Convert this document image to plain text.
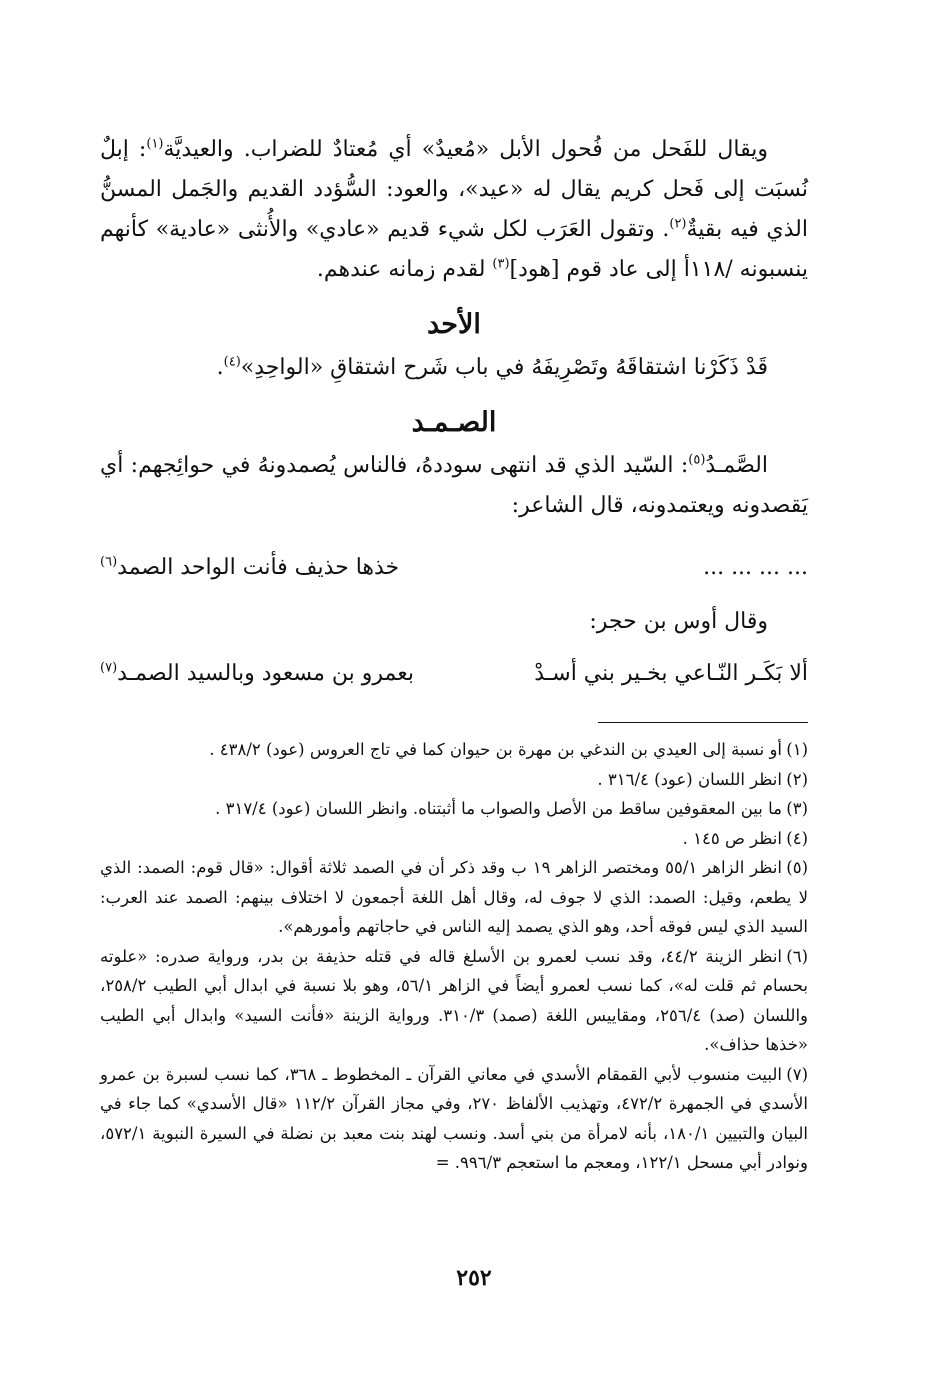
ويقال للفَحل من فُحول الأبل «مُعيدٌ» أي مُعتادٌ للضراب. والعيديَّة$^{(١)}$: إبلٌ نُسبَت إلى فَحل كريم يقال له «عيد»، والعود: السُّؤدد القديم والجَمل المسنُّ الذي فيه بقيةٌ$^{(٢)}$. وتقول العَرَب لكل شيء قديم «عادي» والأُنثى «عادية» كأنهم ينسبونه /١١٨أ إلى عاد قوم [هود]$^{(٣)}$ لقدم زمانه عندهم.

الأحد

قَدْ ذَكَرْنا اشتقاقَهُ وتَصْرِيفَهُ في باب شَرح اشتقاقِ «الواحِدِ»$^{(٤)}$.

الصـمـد

الصَّمـدُ$^{(٥)}$: السّيد الذي قد انتهى سوددهُ، فالناس يُصمدونهُ في حوائِجهم: أي يَقصدونه ويعتمدونه، قال الشاعر:

... ... ... ...
خذها حذيف فأنت الواحد الصمد$^{(٦)}$

وقال أوس بن حجر:

ألا بَكَـر النّـاعي بخـير بني أسـدْ
بعمرو بن مسعود وبالسيد الصمـد$^{(٧)}$

(١)أو نسبة إلى العيدي بن الندغي بن مهرة بن حيوان كما في تاج العروس (عود) ٤٣٨/٢ .

(٢)انظر اللسان (عود) ٣١٦/٤ .

(٣)ما بين المعقوفين ساقط من الأصل والصواب ما أثبتناه. وانظر اللسان (عود) ٣١٧/٤ .

(٤)انظر ص ١٤٥ .

(٥)انظر الزاهر ٥٥/١ ومختصر الزاهر ١٩ ب وقد ذكر أن في الصمد ثلاثة أقوال: «قال قوم: الصمد: الذي لا يطعم، وقيل: الصمد: الذي لا جوف له، وقال أهل اللغة أجمعون لا اختلاف بينهم: الصمد عند العرب: السيد الذي ليس فوقه أحد، وهو الذي يصمد إليه الناس في حاجاتهم وأمورهم».

(٦)انظر الزينة ٤٤/٢، وقد نسب لعمرو بن الأسلغ قاله في قتله حذيفة بن بدر، ورواية صدره: «علوته بحسام ثم قلت له»، كما نسب لعمرو أيضاً في الزاهر ٥٦/١، وهو بلا نسبة في ابدال أبي الطيب ٢٥٨/٢، واللسان (صد) ٢٥٦/٤، ومقاييس اللغة (صمد) ٣١٠/٣. ورواية الزينة «فأنت السيد» وابدال أبي الطيب «خذها حذاف».

(٧)البيت منسوب لأبي القمقام الأسدي في معاني القرآن ـ المخطوط ـ ٣٦٨، كما نسب لسبرة بن عمرو الأسدي في الجمهرة ٤٧٢/٢، وتهذيب الألفاظ ٢٧٠، وفي مجاز القرآن ١١٢/٢ «قال الأسدي» كما جاء في البيان والتبيين ١٨٠/١، بأنه لامرأة من بني أسد. ونسب لهند بنت معبد بن نضلة في السيرة النبوية ٥٧٢/١، ونوادر أبي مسحل ١٢٢/١، ومعجم ما استعجم ٩٩٦/٣. =

٢٥٢
